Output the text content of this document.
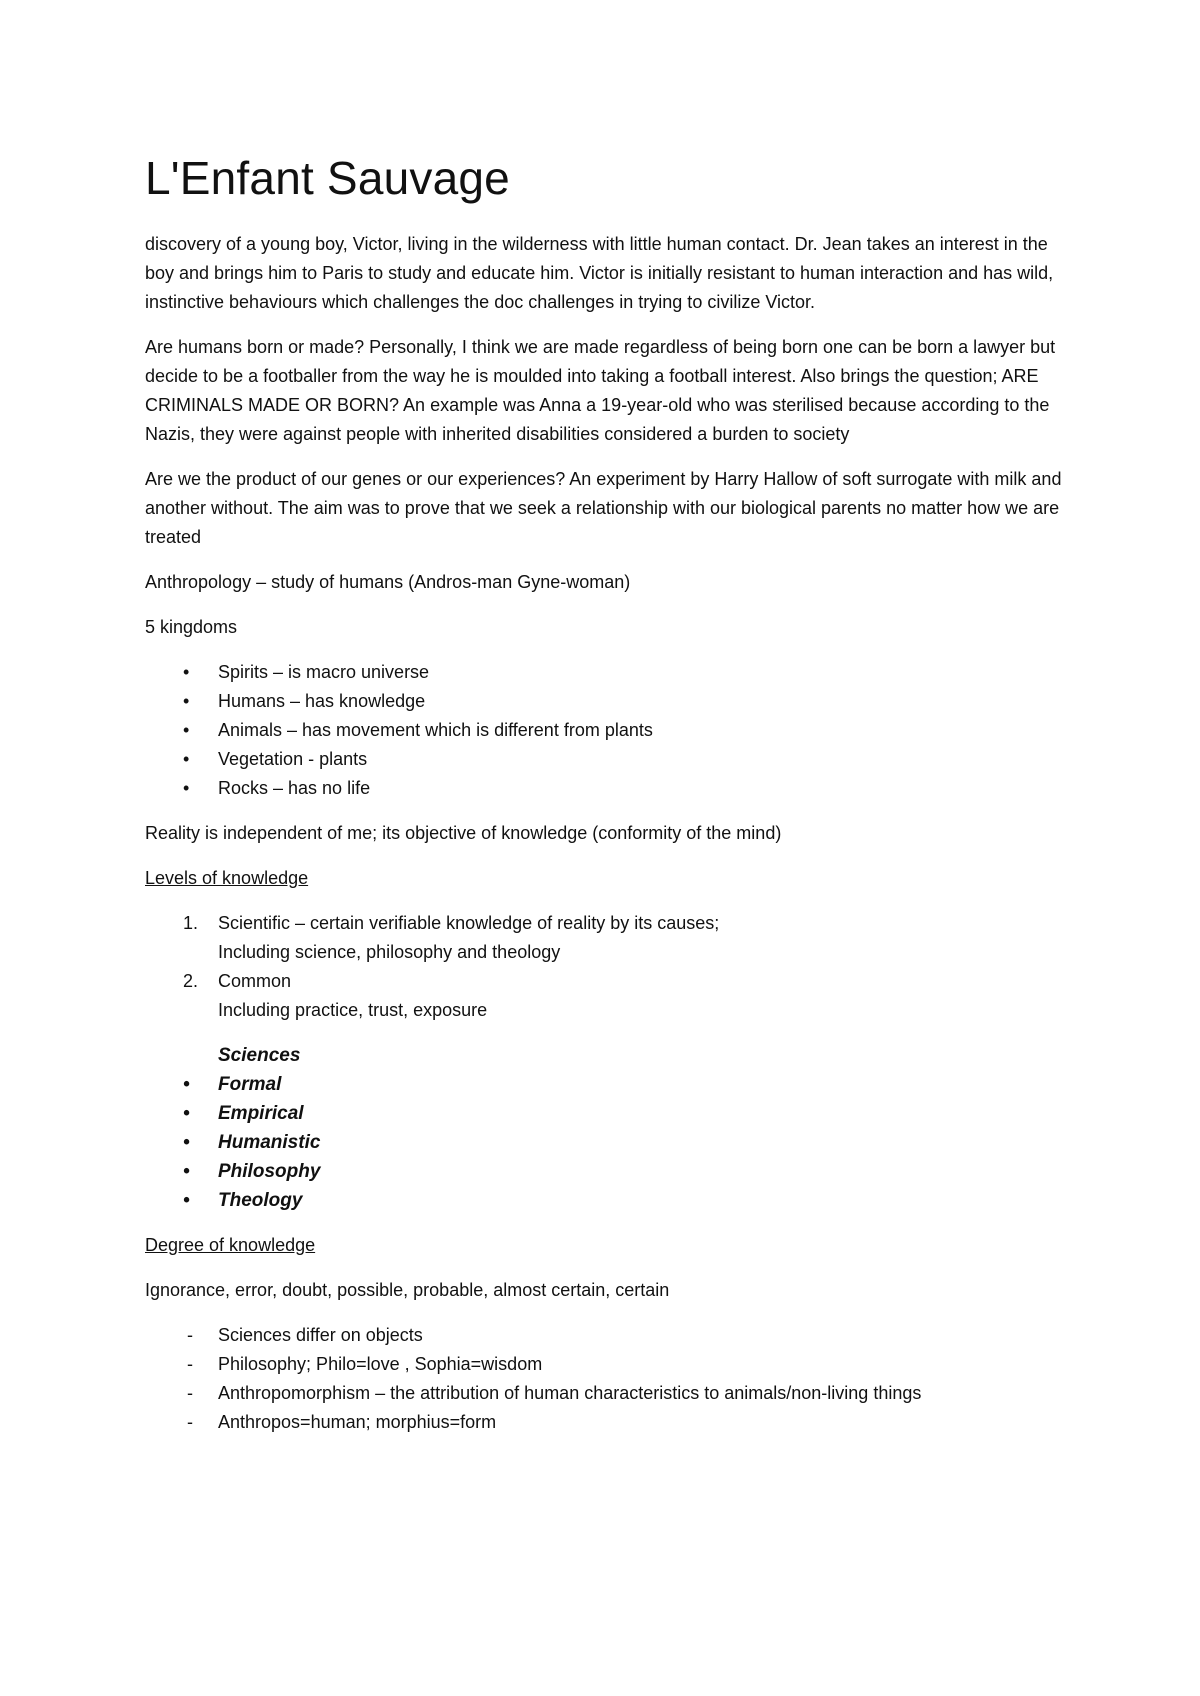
L'Enfant Sauvage

discovery of a young boy, Victor, living in the wilderness with little human contact. Dr. Jean takes an interest in the boy and brings him to Paris to study and educate him. Victor is initially resistant to human interaction and has wild, instinctive behaviours which challenges the doc challenges in trying to civilize Victor.

Are humans born or made? Personally, I think we are made regardless of being born one can be born a lawyer but decide to be a footballer from the way he is moulded into taking a football interest. Also brings the question; ARE CRIMINALS MADE OR BORN? An example was Anna a 19-year-old who was sterilised because according to the Nazis, they were against people with inherited disabilities considered a burden to society

Are we the product of our genes or our experiences? An experiment by Harry Hallow of soft surrogate with milk and another without. The aim was to prove that we seek a relationship with our biological parents no matter how we are treated

Anthropology – study of humans (Andros-man Gyne-woman)

5 kingdoms

• Spirits – is macro universe
• Humans – has knowledge
• Animals – has movement which is different from plants
• Vegetation - plants
• Rocks – has no life

Reality is independent of me; its objective of knowledge (conformity of the mind)

Levels of knowledge

1. Scientific – certain verifiable knowledge of reality by its causes;
Including science, philosophy and theology
2. Common
Including practice, trust, exposure
Sciences
• Formal
• Empirical
• Humanistic
• Philosophy
• Theology

Degree of knowledge

Ignorance, error, doubt, possible, probable, almost certain, certain

- Sciences differ on objects
- Philosophy; Philo=love , Sophia=wisdom
- Anthropomorphism – the attribution of human characteristics to animals/non-living things
- Anthropos=human; morphius=form
